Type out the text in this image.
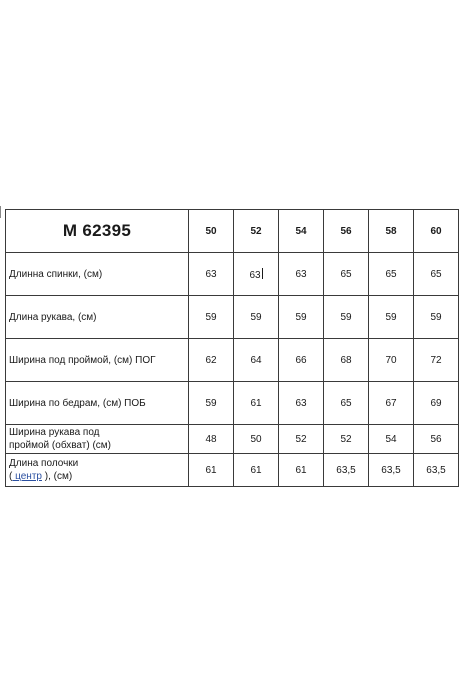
М 62395	50	52	54	56	58	60
Длинна спинки, (см)	63	63	63	65	65	65
Длина рукава, (см)	59	59	59	59	59	59
Ширина под проймой, (см) ПОГ	62	64	66	68	70	72
Ширина по бедрам, (см) ПОБ	59	61	63	65	67	69
Ширина рукава под
проймой (обхват) (см)	48	50	52	52	54	56
Длина полочки
( центр ), (см)	61	61	61	63,5	63,5	63,5
